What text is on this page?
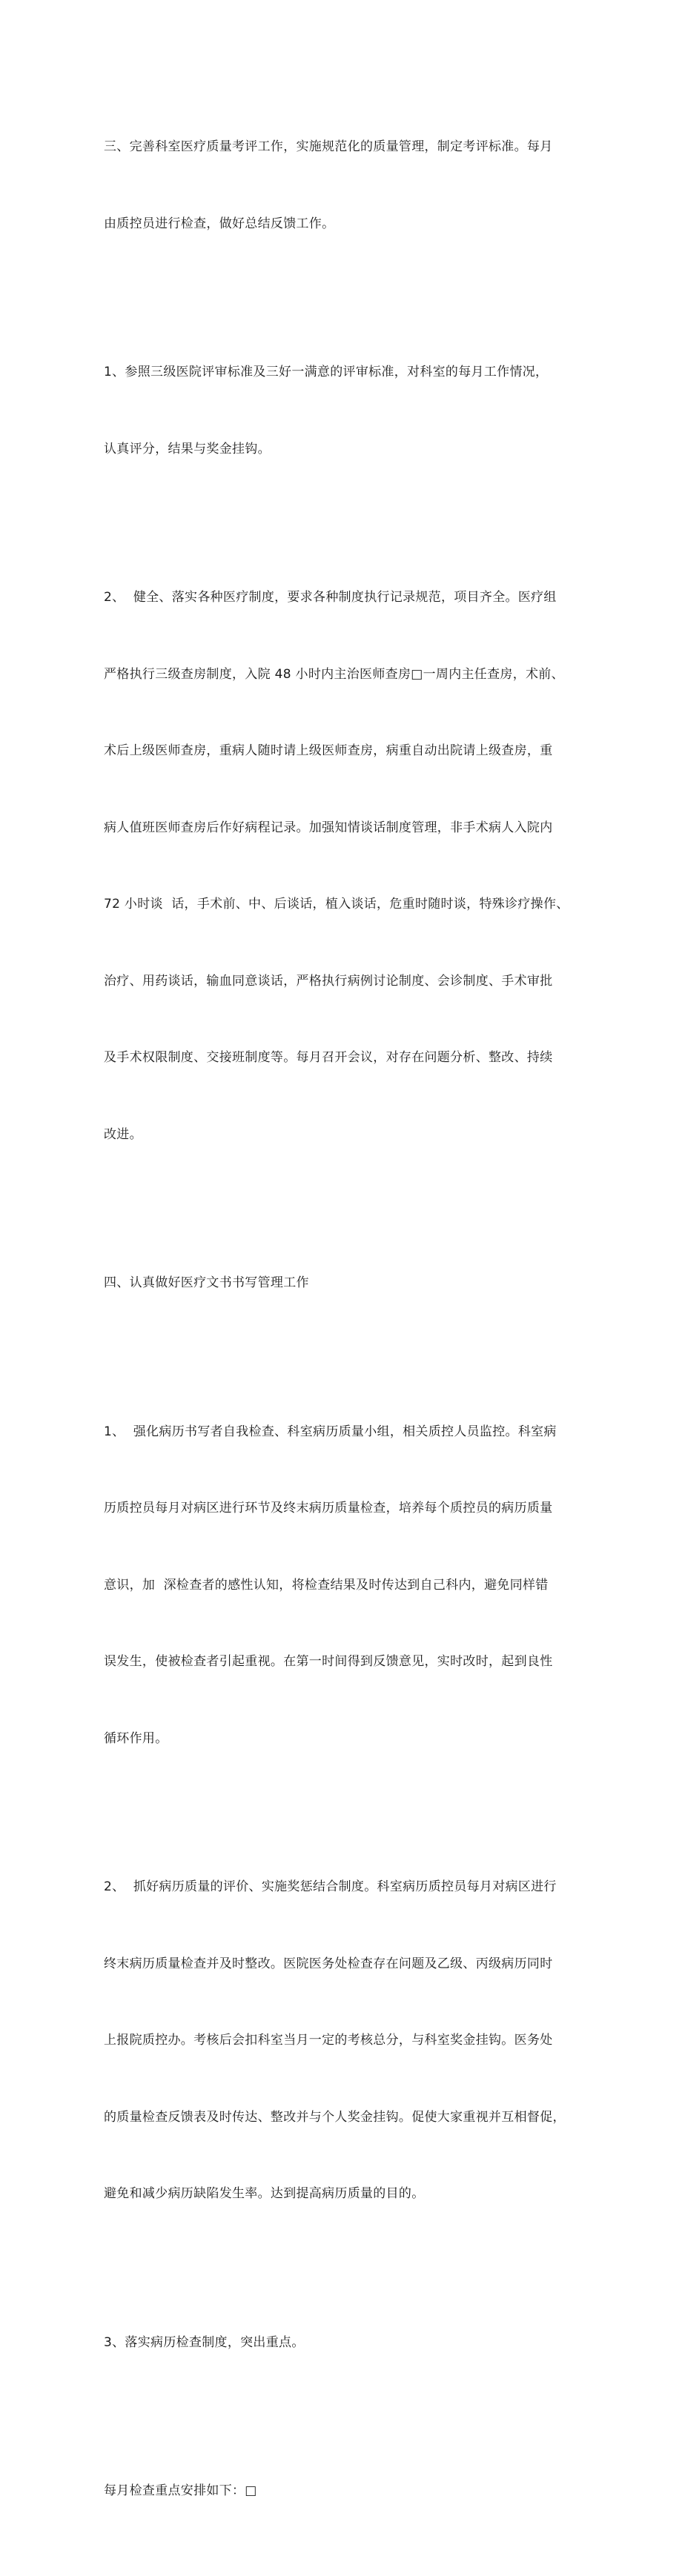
三、完善科室医疗质量考评工作，实施规范化的质量管理，制定考评标准。每月

由质控员进行检查，做好总结反馈工作。

1、参照三级医院评审标准及三好一满意的评审标准，对科室的每月工作情况，

认真评分，结果与奖金挂钩。

2、  健全、落实各种医疗制度，要求各种制度执行记录规范，项目齐全。医疗组

严格执行三级查房制度，入院 48 小时内主治医师查房□一周内主任查房，术前、

术后上级医师查房，重病人随时请上级医师查房，病重自动出院请上级查房，重

病人值班医师查房后作好病程记录。加强知情谈话制度管理，非手术病人入院内

72 小时谈  话，手术前、中、后谈话，植入谈话，危重时随时谈，特殊诊疗操作、

治疗、用药谈话，输血同意谈话，严格执行病例讨论制度、会诊制度、手术审批

及手术权限制度、交接班制度等。每月召开会议，对存在问题分析、整改、持续

改进。

四、认真做好医疗文书书写管理工作

1、  强化病历书写者自我检查、科室病历质量小组，相关质控人员监控。科室病

历质控员每月对病区进行环节及终末病历质量检查，培养每个质控员的病历质量

意识，加  深检查者的感性认知，将检查结果及时传达到自己科内，避免同样错

误发生，使被检查者引起重视。在第一时间得到反馈意见，实时改时，起到良性

循环作用。

2、  抓好病历质量的评价、实施奖惩结合制度。科室病历质控员每月对病区进行

终末病历质量检查并及时整改。医院医务处检查存在问题及乙级、丙级病历同时

上报院质控办。考核后会扣科室当月一定的考核总分，与科室奖金挂钩。医务处

的质量检查反馈表及时传达、整改并与个人奖金挂钩。促使大家重视并互相督促，

避免和减少病历缺陷发生率。达到提高病历质量的目的。

3、落实病历检查制度，突出重点。

每月检查重点安排如下：□
